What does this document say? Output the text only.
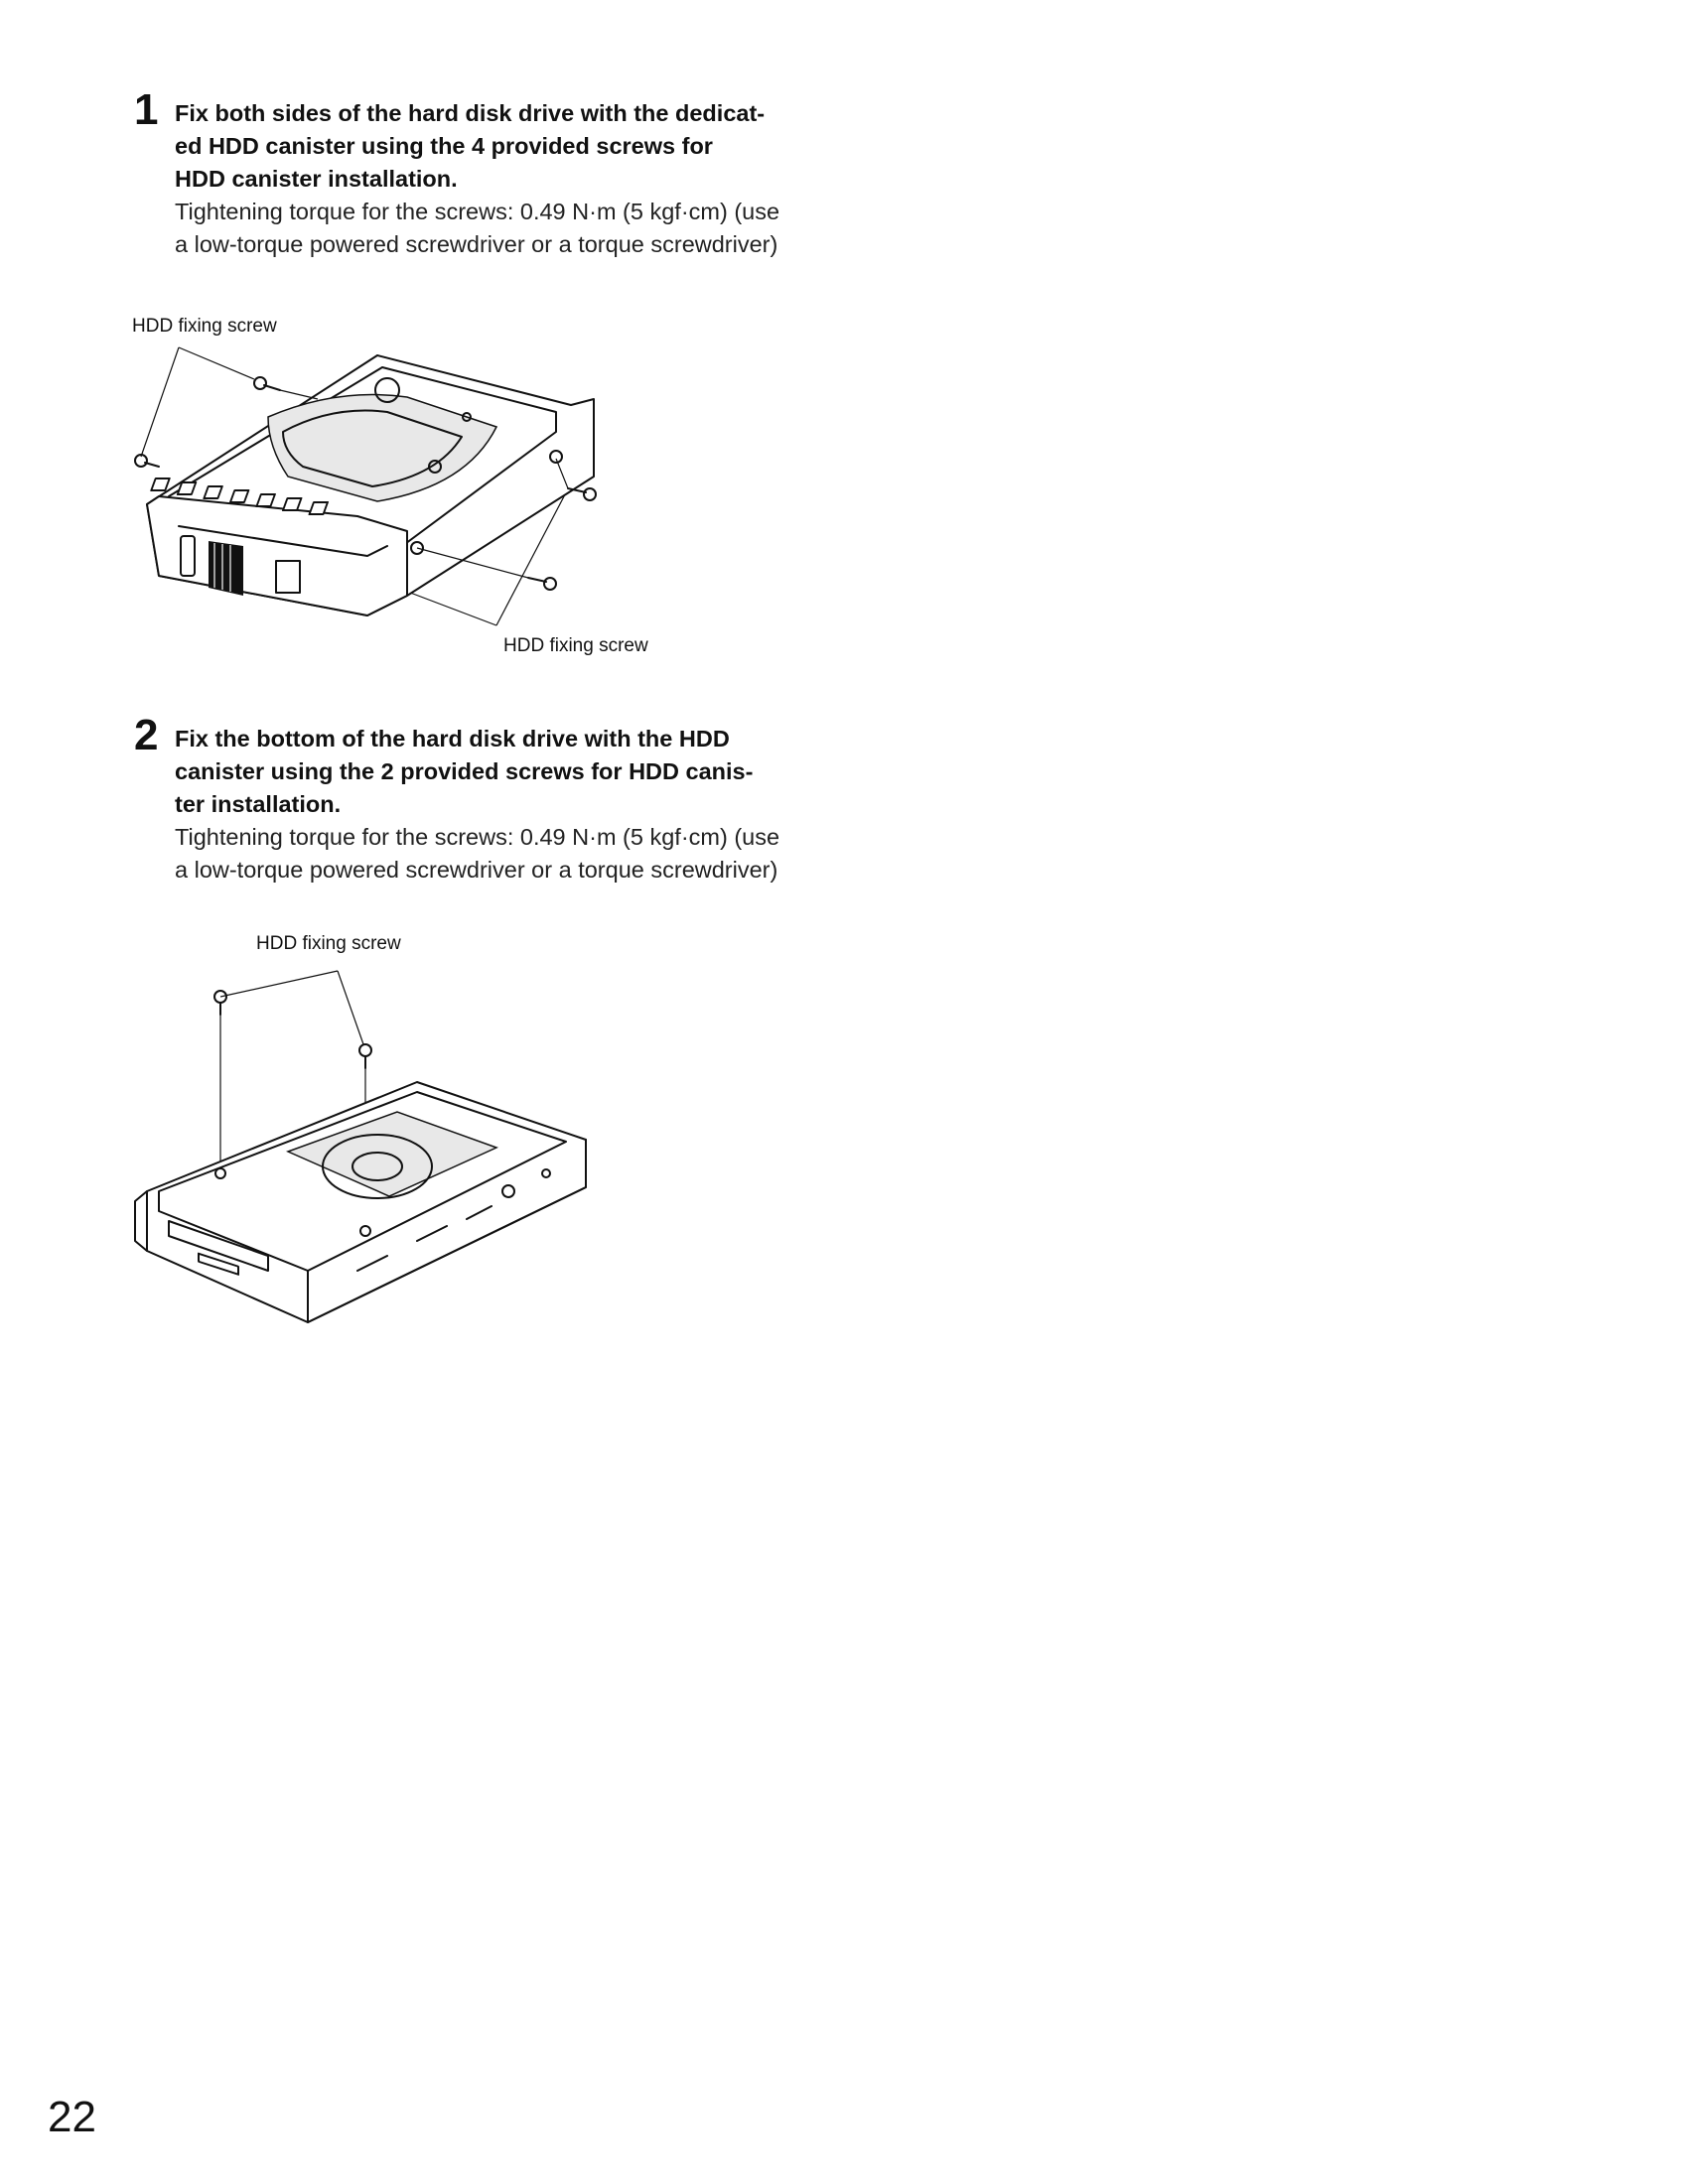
1 Fix both sides of the hard disk drive with the dedicat-
ed HDD canister using the 4 provided screws for
HDD canister installation.

Tightening torque for the screws: 0.49 N·m (5 kgf·cm) (use
a low-torque powered screwdriver or a torque screwdriver)

HDD fixing screw
HDD fixing screw
2 Fix the bottom of the hard disk drive with the HDD
canister using the 2 provided screws for HDD canis-
ter installation.

Tightening torque for the screws: 0.49 N·m (5 kgf·cm) (use
a low-torque powered screwdriver or a torque screwdriver)

HDD fixing screw
22
